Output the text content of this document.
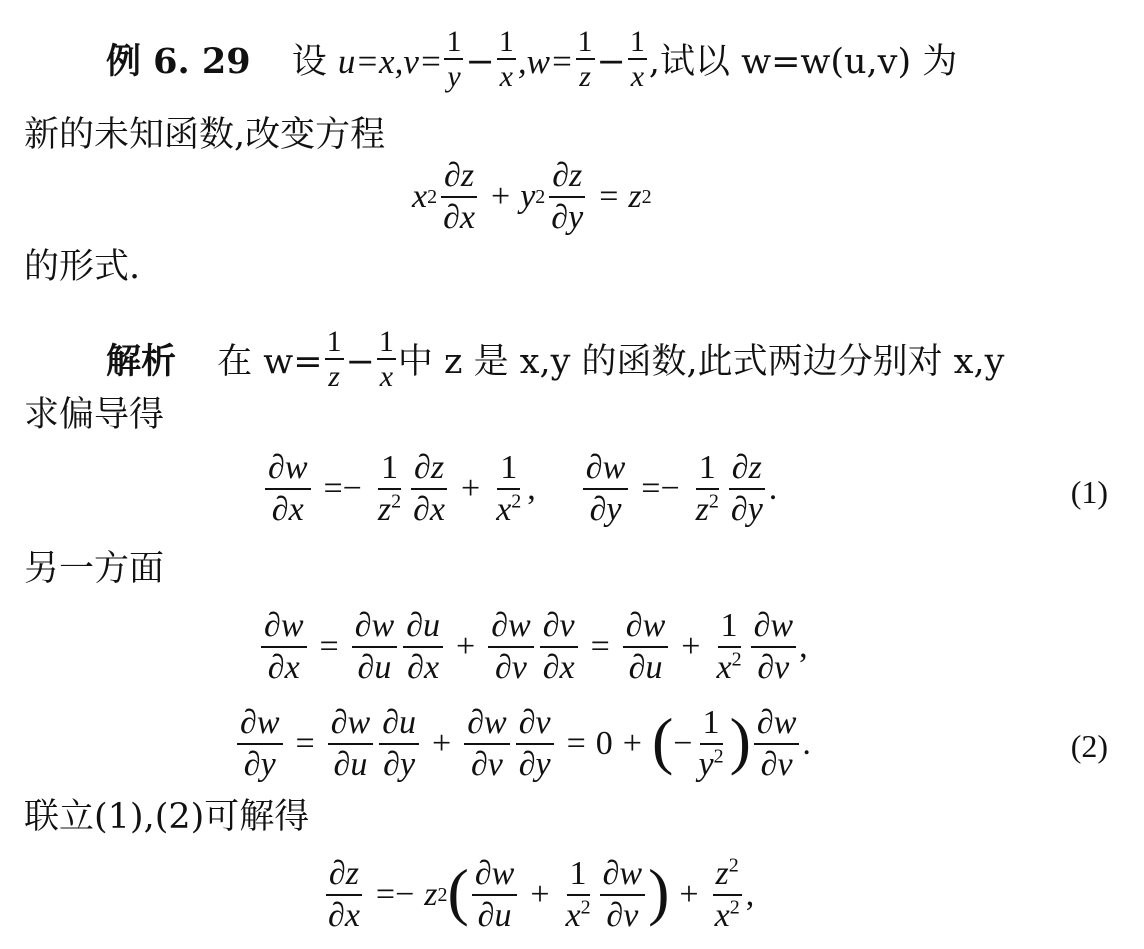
例 6. 29 设 $u=x,v= \frac{1}{y} - \frac{1}{x} ,w= \frac{1}{z} - \frac{1}{x}$ ,试以 w=w(u,v) 为
新的未知函数,改变方程
x $2 \frac{\partial z}{\partial x} + y$ $2 \frac{\partial z}{\partial y} = z$ 2
的形式.
解析 在 $w= \frac{1}{z} - \frac{1}{x}$ 中 z 是 x,y 的函数,此式两边分别对 x,y
求偏导得
$\frac{\partial w}{\partial x} =- \frac{1}{z^2} \frac{\partial z}{\partial x} + \frac{1}{x^2}$ , $\frac{\partial w}{\partial y} =- \frac{1}{z^2} \frac{\partial z}{\partial y}$ .	(1)
另一方面
$\frac{\partial w}{\partial x} = \frac{\partial w}{\partial u} \frac{\partial u}{\partial x} + \frac{\partial w}{\partial v} \frac{\partial v}{\partial x} = \frac{\partial w}{\partial u} + \frac{1}{x^2} \frac{\partial w}{\partial v}$ ,
$\frac{\partial w}{\partial y} = \frac{\partial w}{\partial u} \frac{\partial u}{\partial y} + \frac{\partial w}{\partial v} \frac{\partial v}{\partial y} = 0$ + ( − $\frac{1}{y^2}$ ) $\frac{\partial w}{\partial v}$ .	(2)
联立(1),(2)可解得
$\frac{\partial z}{\partial x} =- z$ 2 ( $\frac{\partial w}{\partial u} + \frac{1}{x^2} \frac{\partial w}{\partial v}$ ) + $\frac{z^2}{x^2}$ ,
